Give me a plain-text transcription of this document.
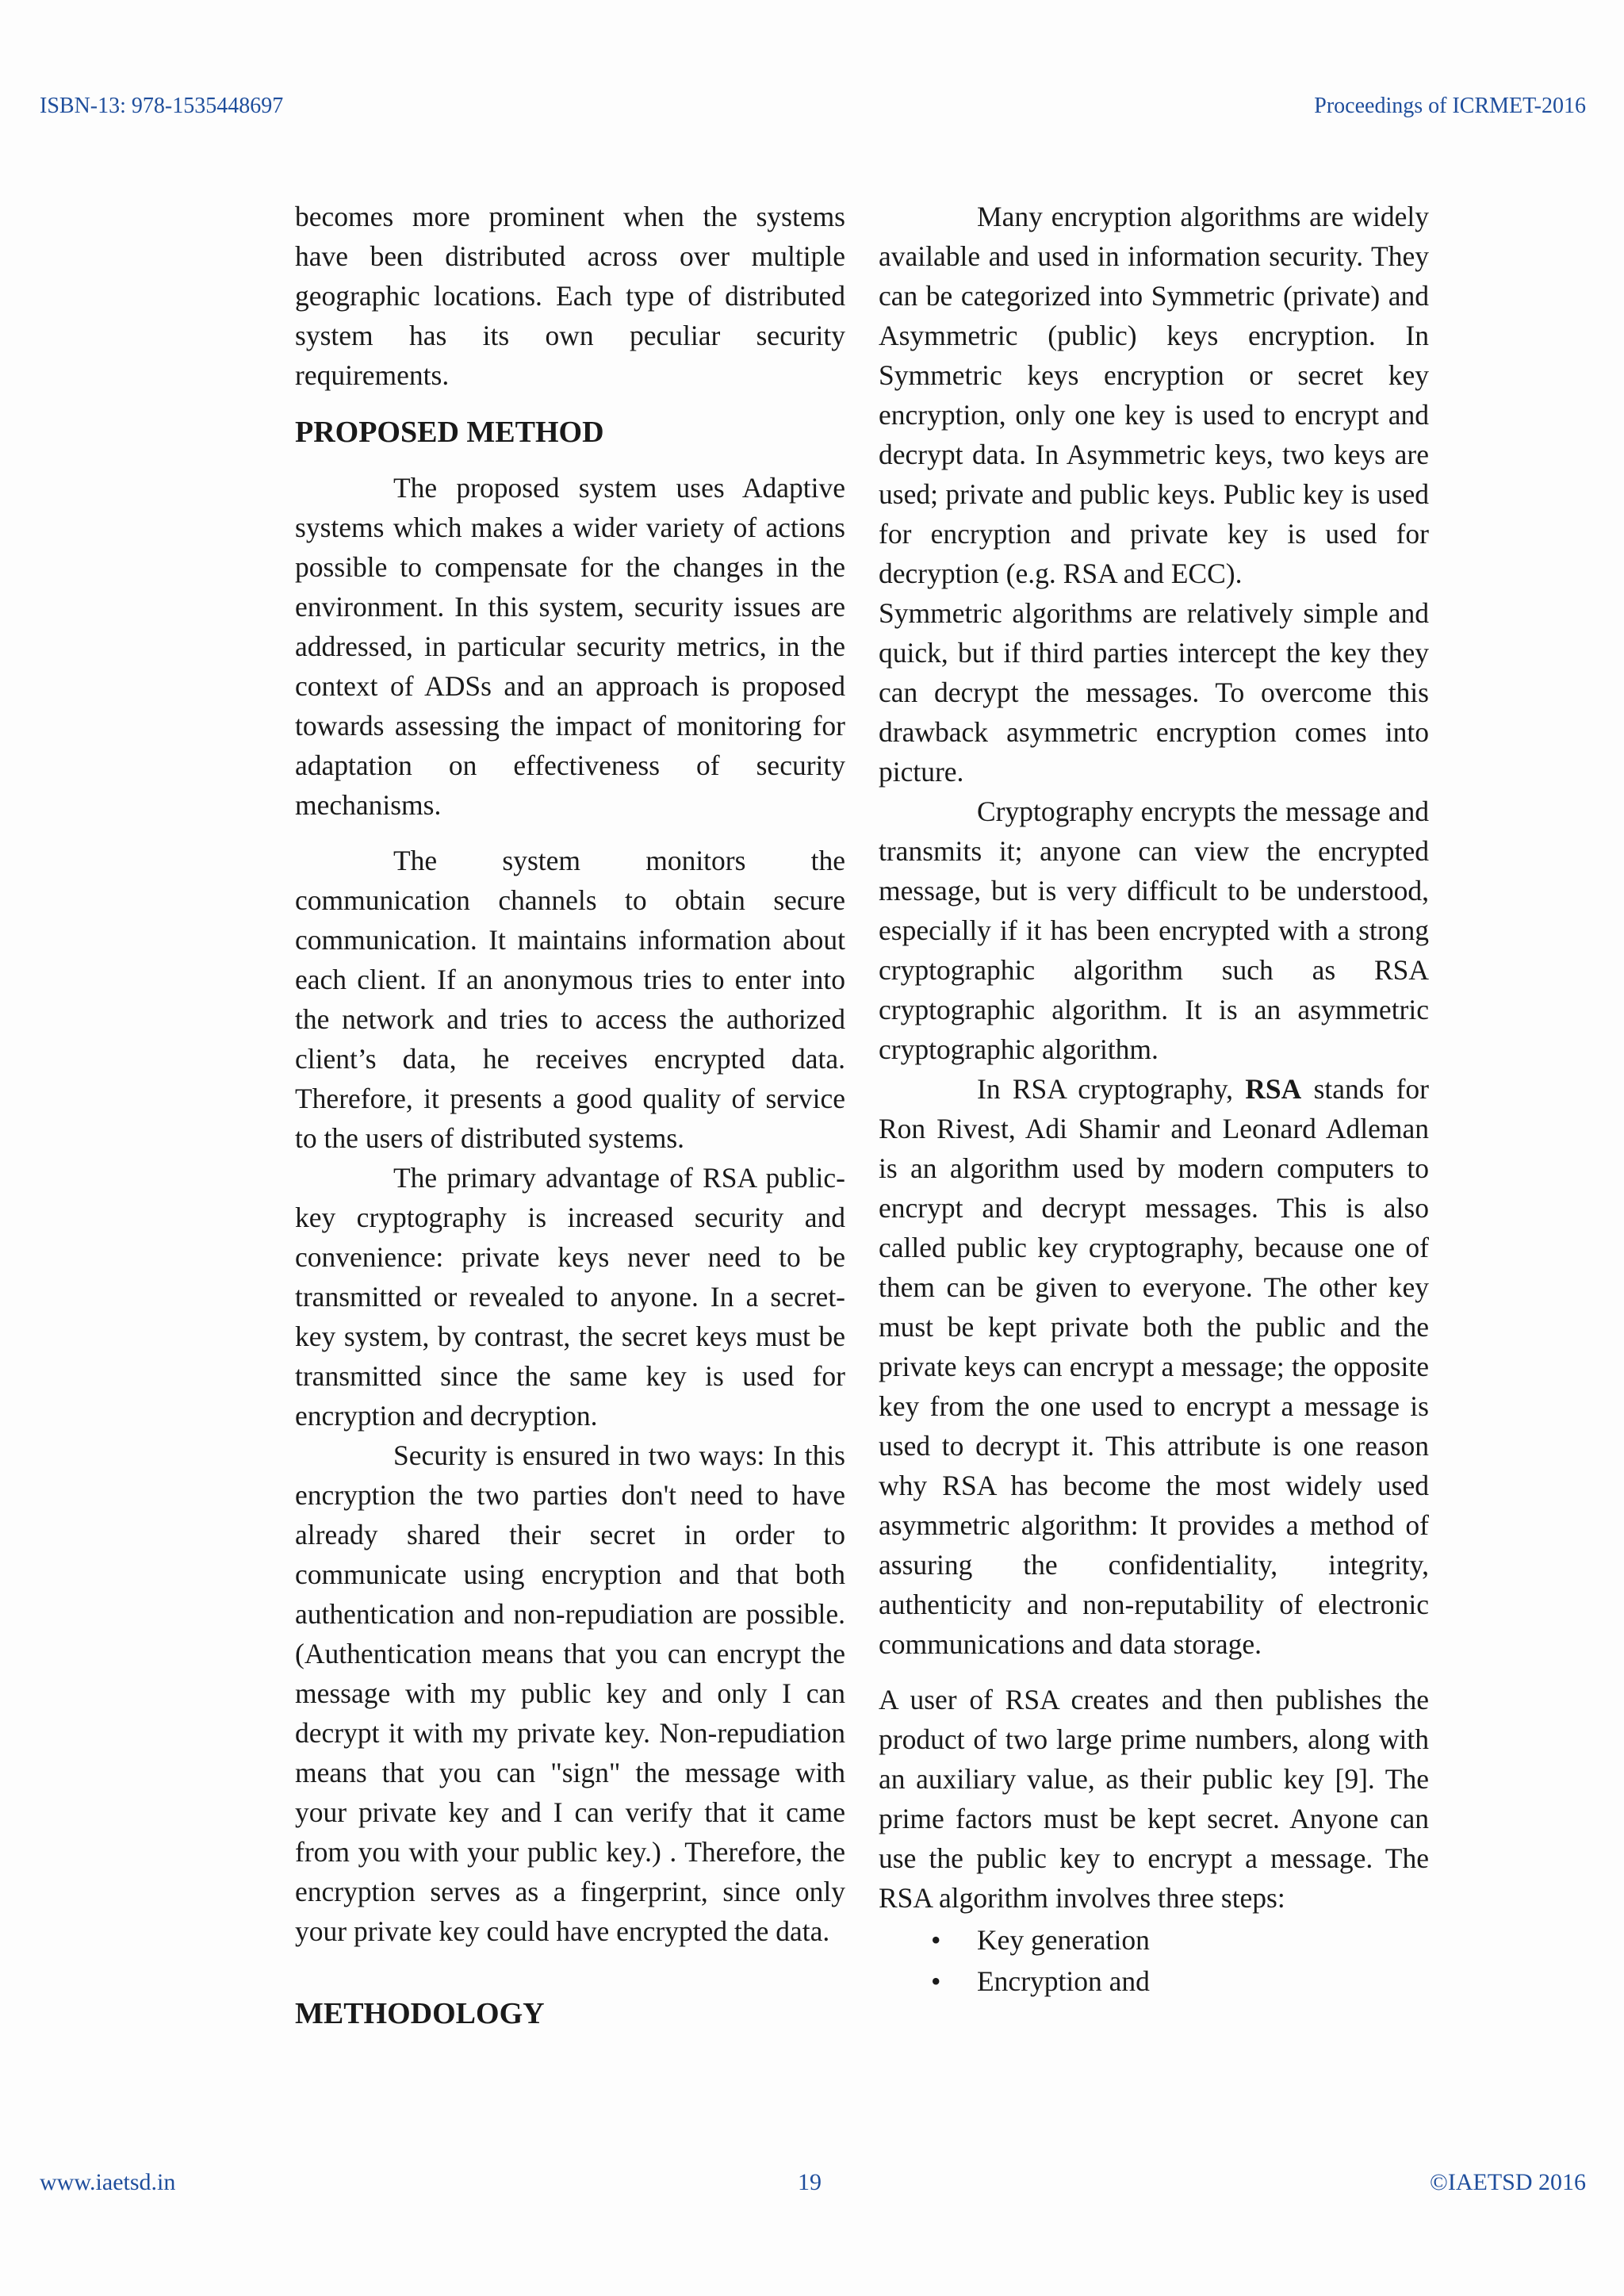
ISBN-13: 978-1535448697	Proceedings of ICRMET-2016

becomes more prominent when the systems have been distributed across over multiple geographic locations. Each type of distributed system has its own peculiar security requirements.

PROPOSED METHOD

The proposed system uses Adaptive systems which makes a wider variety of actions possible to compensate for the changes in the environment. In this system, security issues are addressed, in particular security metrics, in the context of ADSs and an approach is proposed towards assessing the impact of monitoring for adaptation on effectiveness of security mechanisms.

The system monitors the communication channels to obtain secure communication. It maintains information about each client. If an anonymous tries to enter into the network and tries to access the authorized client’s data, he receives encrypted data. Therefore, it presents a good quality of service to the users of distributed systems.

The primary advantage of RSA public-key cryptography is increased security and convenience: private keys never need to be transmitted or revealed to anyone. In a secret-key system, by contrast, the secret keys must be transmitted since the same key is used for encryption and decryption.

Security is ensured in two ways: In this encryption the two parties don't need to have already shared their secret in order to communicate using encryption and that both authentication and non-repudiation are possible. (Authentication means that you can encrypt the message with my public key and only I can decrypt it with my private key. Non-repudiation means that you can "sign" the message with your private key and I can verify that it came from you with your public key.) . Therefore, the encryption serves as a fingerprint, since only your private key could have encrypted the data.

METHODOLOGY

Many encryption algorithms are widely available and used in information security. They can be categorized into Symmetric (private) and Asymmetric (public) keys encryption. In Symmetric keys encryption or secret key encryption, only one key is used to encrypt and decrypt data. In Asymmetric keys, two keys are used; private and public keys. Public key is used for encryption and private key is used for decryption (e.g. RSA and ECC).

Symmetric algorithms are relatively simple and quick, but if third parties intercept the key they can decrypt the messages. To overcome this drawback asymmetric encryption comes into picture.

Cryptography encrypts the message and transmits it; anyone can view the encrypted message, but is very difficult to be understood, especially if it has been encrypted with a strong cryptographic algorithm such as RSA cryptographic algorithm. It is an asymmetric cryptographic algorithm.

In RSA cryptography, RSA stands for Ron Rivest, Adi Shamir and Leonard Adleman is an algorithm used by modern computers to encrypt and decrypt messages. This is also called public key cryptography, because one of them can be given to everyone. The other key must be kept private both the public and the private keys can encrypt a message; the opposite key from the one used to encrypt a message is used to decrypt it. This attribute is one reason why RSA has become the most widely used asymmetric algorithm: It provides a method of assuring the confidentiality, integrity, authenticity and non-reputability of electronic communications and data storage.

A user of RSA creates and then publishes the product of two large prime numbers, along with an auxiliary value, as their public key [9]. The prime factors must be kept secret. Anyone can use the public key to encrypt a message. The RSA algorithm involves three steps:

• Key generation
• Encryption and
www.iaetsd.in	19	©IAETSD 2016
